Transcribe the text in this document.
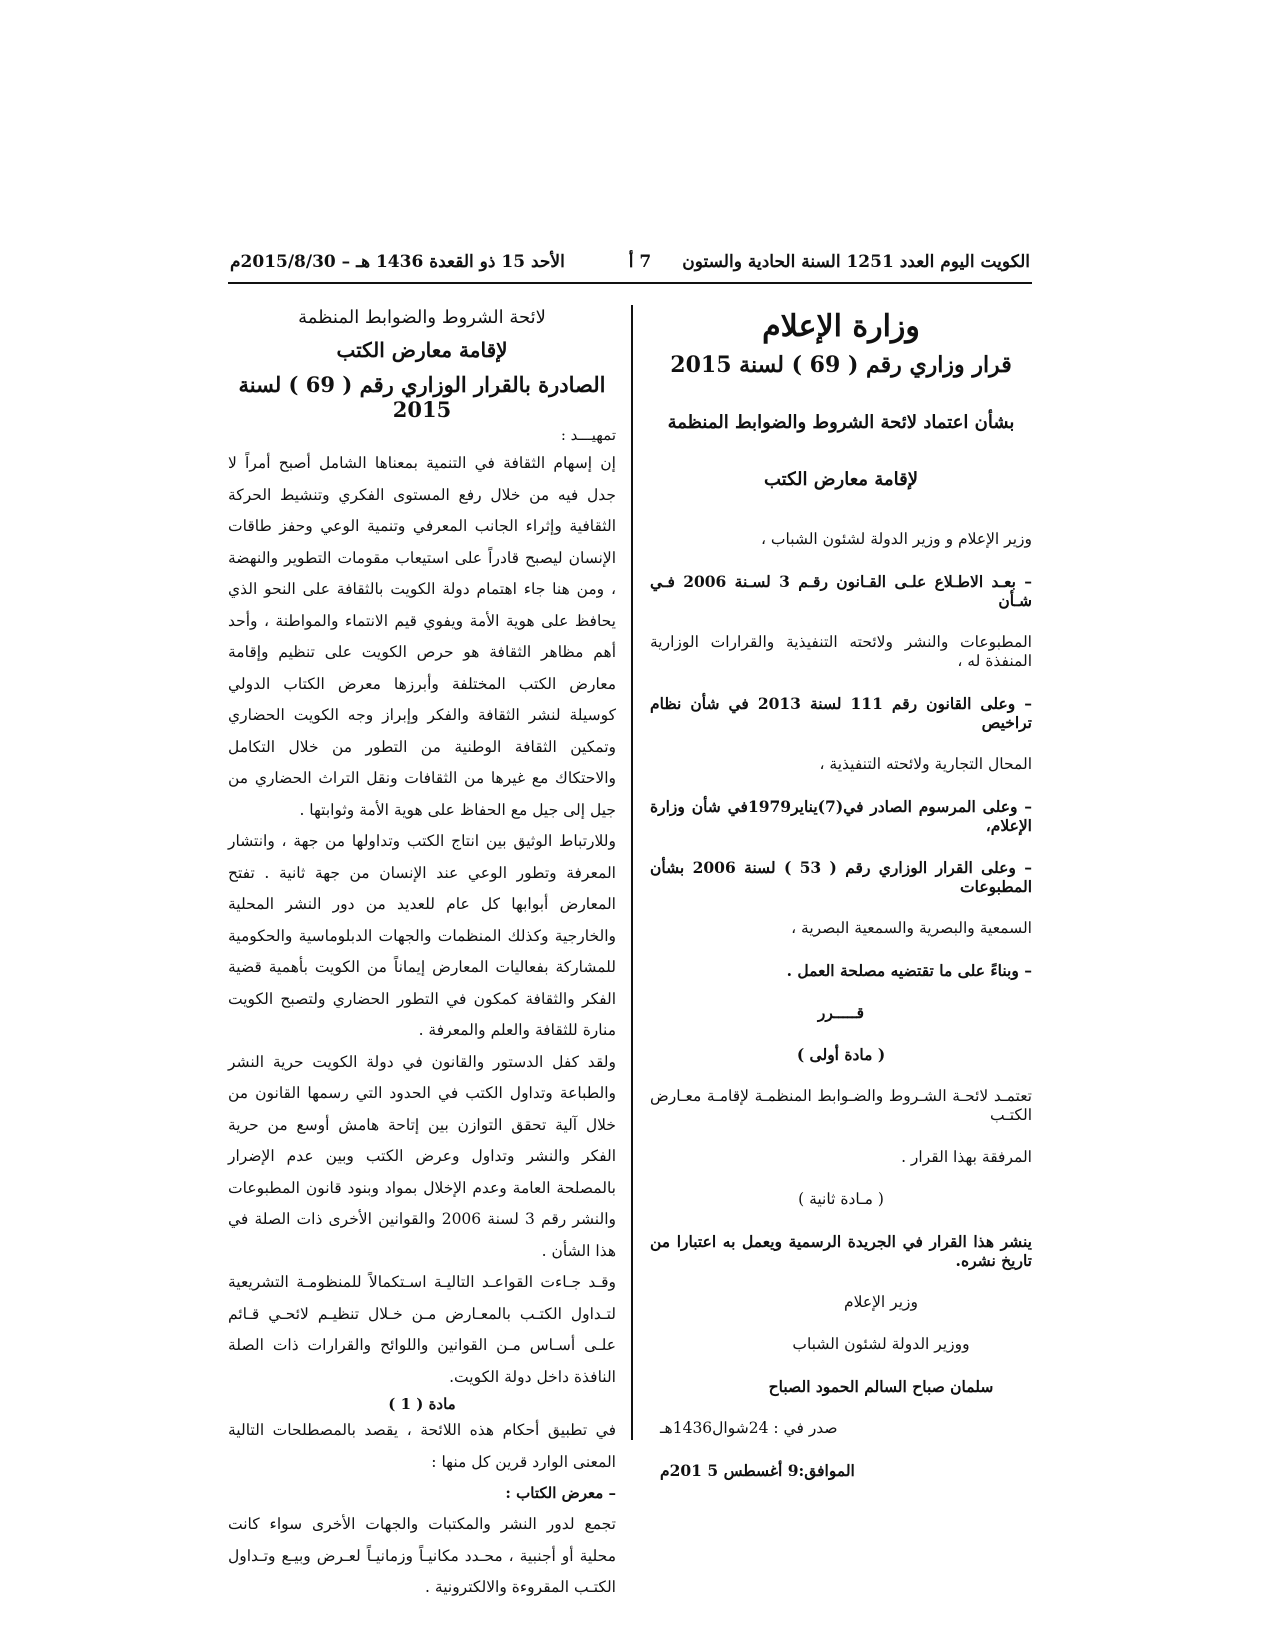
الكويت اليوم العدد 1251 السنة الحادية والستون
7 أ
الأحد 15 ذو القعدة 1436 هـ – 2015/8/30م
وزارة الإعلام
قرار وزاري رقم ( 69 ) لسنة 2015
بشأن اعتماد لائحة الشروط والضوابط المنظمة
لإقامة معارض الكتب
وزير الإعلام و وزير الدولة لشئون الشباب ،
– بعـد الاطـلاع علـى القـانون رقـم 3 لسـنة 2006 فـي شـأن
المطبوعات والنشر ولائحته التنفيذية والقرارات الوزارية المنفذة له ،
– وعلى القانون رقم 111 لسنة 2013 في شأن نظام تراخيص
المحال التجارية ولائحته التنفيذية ،
– وعلى المرسوم الصادر في(7)يناير1979في شأن وزارة الإعلام،
– وعلى القرار الوزاري رقم ( 53 ) لسنة 2006 بشأن المطبوعات
السمعية والبصرية والسمعية البصرية ،
– وبناءً على ما تقتضيه مصلحة العمل .
قـــــرر
( مادة أولى )
تعتمـد لائحـة الشـروط والضـوابط المنظمـة لإقامـة معـارض الكتـب
المرفقة بهذا القرار .
( مـادة ثانية )
ينشر هذا القرار في الجريدة الرسمية ويعمل به اعتبارا من تاريخ نشره.
وزير الإعلام
ووزير الدولة لشئون الشباب
سلمان صباح السالم الحمود الصباح
صدر في : 24شوال1436هـ
الموافق:9 أغسطس 5 201م
لائحة الشروط والضوابط المنظمة
لإقامة معارض الكتب
الصادرة بالقرار الوزاري رقم ( 69 ) لسنة 2015
تمهيـــد :

إن إسهام الثقافة في التنمية بمعناها الشامل أصبح أمراً لا جدل فيه من خلال رفع المستوى الفكري وتنشيط الحركة الثقافية وإثراء الجانب المعرفي وتنمية الوعي وحفز طاقات الإنسان ليصبح قادراً على استيعاب مقومات التطوير والنهضة ، ومن هنا جاء اهتمام دولة الكويت بالثقافة على النحو الذي يحافظ على هوية الأمة ويفوي قيم الانتماء والمواطنة ، وأحد أهم مظاهر الثقافة هو حرص الكويت على تنظيم وإقامة معارض الكتب المختلفة وأبرزها معرض الكتاب الدولي كوسيلة لنشر الثقافة والفكر وإبراز وجه الكويت الحضاري وتمكين الثقافة الوطنية من التطور من خلال التكامل والاحتكاك مع غيرها من الثقافات ونقل التراث الحضاري من جيل إلى جيل مع الحفاظ على هوية الأمة وثوابتها .

وللارتباط الوثيق بين انتاج الكتب وتداولها من جهة ، وانتشار المعرفة وتطور الوعي عند الإنسان من جهة ثانية . تفتح المعارض أبوابها كل عام للعديد من دور النشر المحلية والخارجية وكذلك المنظمات والجهات الدبلوماسية والحكومية للمشاركة بفعاليات المعارض إيماناً من الكويت بأهمية قضية الفكر والثقافة كمكون في التطور الحضاري ولتصبح الكويت منارة للثقافة والعلم والمعرفة .

ولقد كفل الدستور والقانون في دولة الكويت حرية النشر والطباعة وتداول الكتب في الحدود التي رسمها القانون من خلال آلية تحقق التوازن بين إتاحة هامش أوسع من حرية الفكر والنشر وتداول وعرض الكتب وبين عدم الإضرار بالمصلحة العامة وعدم الإخلال بمواد وبنود قانون المطبوعات والنشر رقم 3 لسنة 2006 والقوانين الأخرى ذات الصلة في هذا الشأن .

وقـد جـاءت القواعـد التاليـة اسـتكمالاً للمنظومـة التشريعية لتـداول الكتـب بالمعـارض مـن خـلال تنظيـم لائحـي قـائم علـى أسـاس مـن القوانين واللوائح والقرارات ذات الصلة النافذة داخل دولة الكويت.

مادة ( 1 )

في تطبيق أحكام هذه اللائحة ، يقصد بالمصطلحات التالية المعنى الوارد قرين كل منها :

– معرض الكتاب :

تجمع لدور النشر والمكتبات والجهات الأخرى سواء كانت محلية أو أجنبية ، محـدد مكانيـاً وزمانيـاً لعـرض وبيـع وتـداول الكتـب المقروءة والالكترونية .
